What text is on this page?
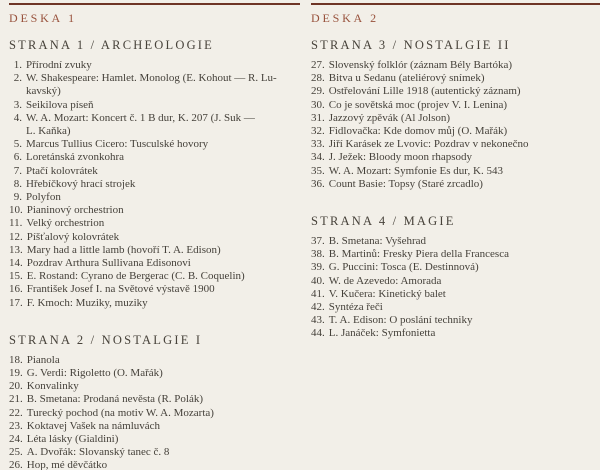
DESKA 1
STRANA 1 / ARCHEOLOGIE
1. Přírodní zvuky
2. W. Shakespeare: Hamlet. Monolog (E. Kohout — R. Lu-
kavský)
3. Seikilova píseň
4. W. A. Mozart: Koncert č. 1 B dur, K. 207 (J. Suk —
L. Kaňka)
5. Marcus Tullius Cicero: Tusculské hovory
6. Loretánská zvonkohra
7. Ptačí kolovrátek
8. Hřebíčkový hrací strojek
9. Polyfon
10. Pianinový orchestrion
11. Velký orchestrion
12. Píšťalový kolovrátek
13. Mary had a little lamb (hovoří T. A. Edison)
14. Pozdrav Arthura Sullivana Edisonovi
15. E. Rostand: Cyrano de Bergerac (C. B. Coquelin)
16. František Josef I. na Světové výstavě 1900
17. F. Kmoch: Muziky, muziky
STRANA 2 / NOSTALGIE I
18. Pianola
19. G. Verdi: Rigoletto (O. Mařák)
20. Konvalinky
21. B. Smetana: Prodaná nevěsta (R. Polák)
22. Turecký pochod (na motiv W. A. Mozarta)
23. Koktavej Vašek na námluvách
24. Léta lásky (Gialdini)
25. A. Dvořák: Slovanský tanec č. 8
26. Hop, mé děvčátko
DESKA 2
STRANA 3 / NOSTALGIE II
27. Slovenský folklór (záznam Bély Bartóka)
28. Bitva u Sedanu (ateliérový snímek)
29. Ostřelování Lille 1918 (autentický záznam)
30. Co je sovětská moc (projev V. I. Lenina)
31. Jazzový zpěvák (Al Jolson)
32. Fidlovačka: Kde domov můj (O. Mařák)
33. Jiří Karásek ze Lvovic: Pozdrav v nekonečno
34. J. Ježek: Bloody moon rhapsody
35. W. A. Mozart: Symfonie Es dur, K. 543
36. Count Basie: Topsy (Staré zrcadlo)
STRANA 4 / MAGIE
37. B. Smetana: Vyšehrad
38. B. Martinů: Fresky Piera della Francesca
39. G. Puccini: Tosca (E. Destinnová)
40. W. de Azevedo: Amorada
41. V. Kučera: Kinetický balet
42. Syntéza řeči
43. T. A. Edison: O poslání techniky
44. L. Janáček: Symfonietta
